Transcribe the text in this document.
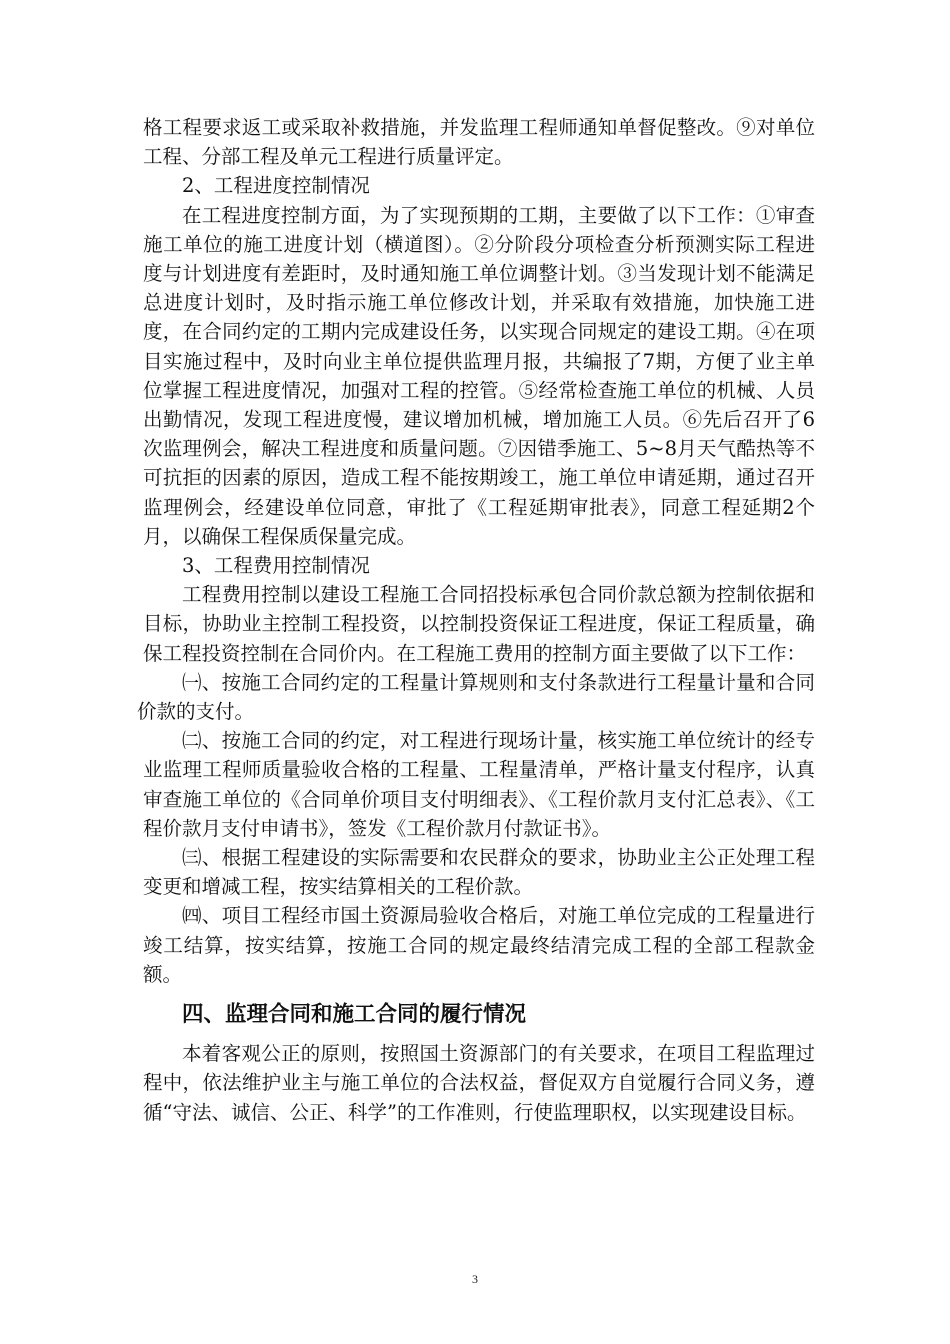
格工程要求返工或采取补救措施，并发监理工程师通知单督促整改。⑨对单位工程、分部工程及单元工程进行质量评定。

2、工程进度控制情况

在工程进度控制方面，为了实现预期的工期，主要做了以下工作：①审查施工单位的施工进度计划（横道图）。②分阶段分项检查分析预测实际工程进度与计划进度有差距时，及时通知施工单位调整计划。③当发现计划不能满足总进度计划时，及时指示施工单位修改计划，并采取有效措施，加快施工进度，在合同约定的工期内完成建设任务，以实现合同规定的建设工期。④在项目实施过程中，及时向业主单位提供监理月报，共编报了7期，方便了业主单位掌握工程进度情况，加强对工程的控管。⑤经常检查施工单位的机械、人员出勤情况，发现工程进度慢，建议增加机械，增加施工人员。⑥先后召开了6次监理例会，解决工程进度和质量问题。⑦因错季施工、5~8月天气酷热等不可抗拒的因素的原因，造成工程不能按期竣工，施工单位申请延期，通过召开监理例会，经建设单位同意，审批了《工程延期审批表》，同意工程延期2个月，以确保工程保质保量完成。

3、工程费用控制情况

工程费用控制以建设工程施工合同招投标承包合同价款总额为控制依据和目标，协助业主控制工程投资，以控制投资保证工程进度，保证工程质量，确保工程投资控制在合同价内。在工程施工费用的控制方面主要做了以下工作：

㈠、按施工合同约定的工程量计算规则和支付条款进行工程量计量和合同价款的支付。

㈡、按施工合同的约定，对工程进行现场计量，核实施工单位统计的经专业监理工程师质量验收合格的工程量、工程量清单，严格计量支付程序，认真审查施工单位的《合同单价项目支付明细表》、《工程价款月支付汇总表》、《工程价款月支付申请书》，签发《工程价款月付款证书》。

㈢、根据工程建设的实际需要和农民群众的要求，协助业主公正处理工程变更和增减工程，按实结算相关的工程价款。

㈣、项目工程经市国土资源局验收合格后，对施工单位完成的工程量进行竣工结算，按实结算，按施工合同的规定最终结清完成工程的全部工程款金额。

四、监理合同和施工合同的履行情况

本着客观公正的原则，按照国土资源部门的有关要求，在项目工程监理过程中，依法维护业主与施工单位的合法权益，督促双方自觉履行合同义务，遵循“守法、诚信、公正、科学”的工作准则，行使监理职权，以实现建设目标。

3
